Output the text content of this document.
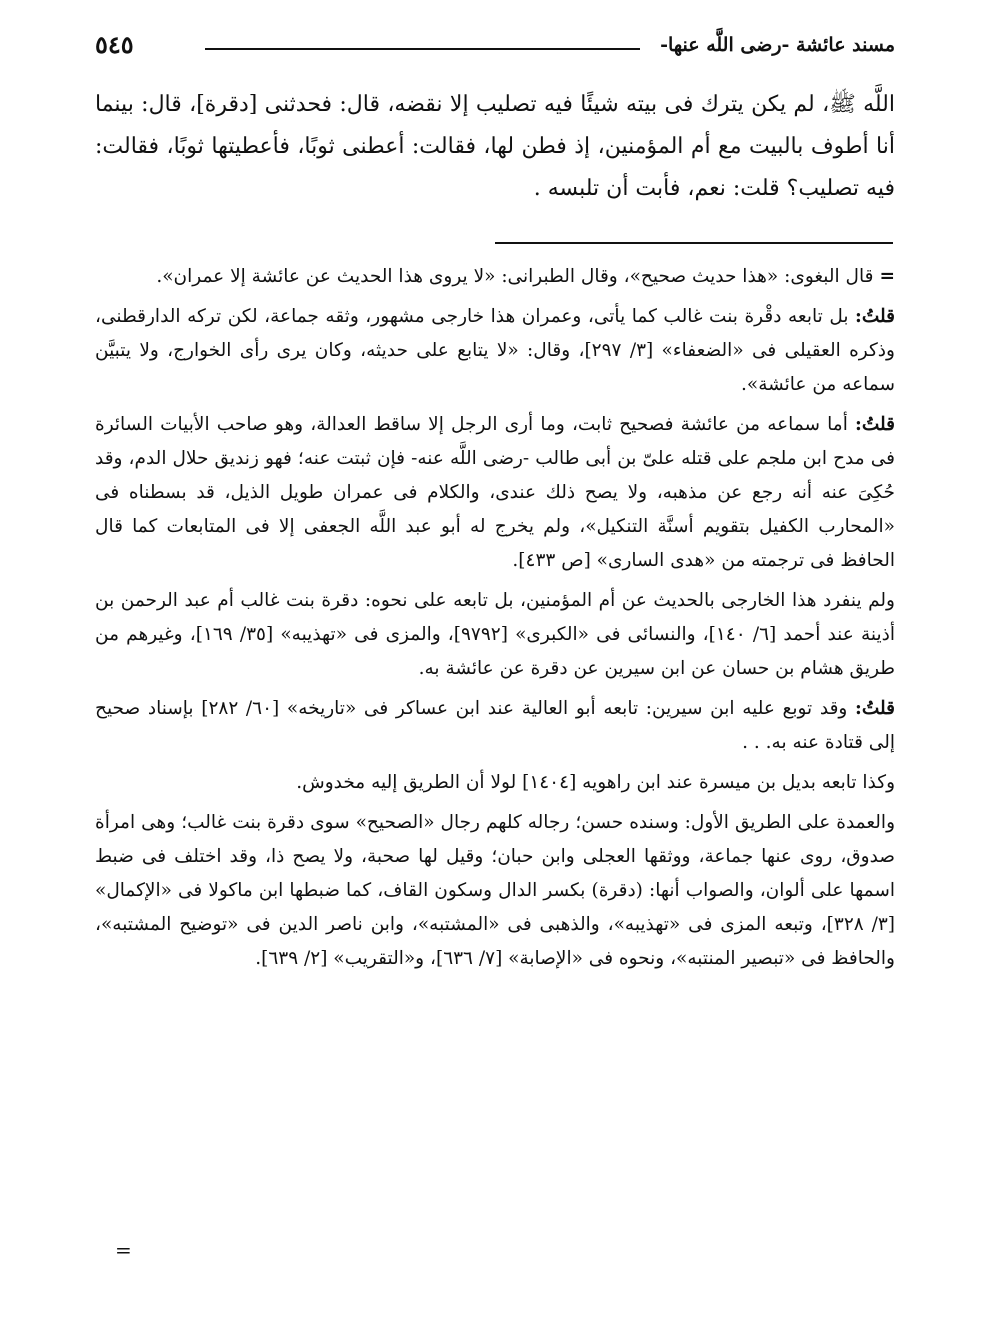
مسند عائشة -رضى اللَّه عنها-
٥٤٥

اللَّه ﷺ، لم يكن يترك فى بيته شيئًا فيه تصليب إلا نقضه، قال: فحدثنى [دقرة]، قال: بينما أنا أطوف بالبيت مع أم المؤمنين، إذ فطن لها، فقالت: أعطنى ثوبًا، فأعطيتها ثوبًا، فقالت: فيه تصليب؟ قلت: نعم، فأبت أن تلبسه .

=قال البغوى: «هذا حديث صحيح»، وقال الطبرانى: «لا يروى هذا الحديث عن عائشة إلا عمران».

قلتُ: بل تابعه دقْرة بنت غالب كما يأتى، وعمران هذا خارجى مشهور، وثقه جماعة، لكن تركه الدارقطنى، وذكره العقيلى فى «الضعفاء» [٣/ ٢٩٧]، وقال: «لا يتابع على حديثه، وكان يرى رأى الخوارج، ولا يتبيَّن سماعه من عائشة».

قلتُ: أما سماعه من عائشة فصحيح ثابت، وما أرى الرجل إلا ساقط العدالة، وهو صاحب الأبيات السائرة فى مدح ابن ملجم على قتله علىّ بن أبى طالب -رضى اللَّه عنه- فإن ثبتت عنه؛ فهو زنديق حلال الدم، وقد حُكِىَ عنه أنه رجع عن مذهبه، ولا يصح ذلك عندى، والكلام فى عمران طويل الذيل، قد بسطناه فى «المحارب الكفيل بتقويم أسنَّة التنكيل»، ولم يخرج له أبو عبد اللَّه الجعفى إلا فى المتابعات كما قال الحافظ فى ترجمته من «هدى السارى» [ص ٤٣٣].

ولم ينفرد هذا الخارجى بالحديث عن أم المؤمنين، بل تابعه على نحوه: دقرة بنت غالب أم عبد الرحمن بن أذينة عند أحمد [٦/ ١٤٠]، والنسائى فى «الكبرى» [٩٧٩٢]، والمزى فى «تهذيبه» [٣٥/ ١٦٩]، وغيرهم من طريق هشام بن حسان عن ابن سيرين عن دقرة عن عائشة به.

قلتُ: وقد توبع عليه ابن سيرين: تابعه أبو العالية عند ابن عساكر فى «تاريخه» [٦٠/ ٢٨٢] بإسناد صحيح إلى قتادة عنه به. . .

وكذا تابعه بديل بن ميسرة عند ابن راهويه [١٤٠٤] لولا أن الطريق إليه مخدوش.

والعمدة على الطريق الأول: وسنده حسن؛ رجاله كلهم رجال «الصحيح» سوى دقرة بنت غالب؛ وهى امرأة صدوق، روى عنها جماعة، ووثقها العجلى وابن حبان؛ وقيل لها صحبة، ولا يصح ذا، وقد اختلف فى ضبط اسمها على ألوان، والصواب أنها: (دقرة) بكسر الدال وسكون القاف، كما ضبطها ابن ماكولا فى «الإكمال» [٣/ ٣٢٨]، وتبعه المزى فى «تهذيبه»، والذهبى فى «المشتبه»، وابن ناصر الدين فى «توضيح المشتبه»، والحافظ فى «تبصير المنتبه»، ونحوه فى «الإصابة» [٧/ ٦٣٦]، و«التقريب» [٢/ ٦٣٩].

=
